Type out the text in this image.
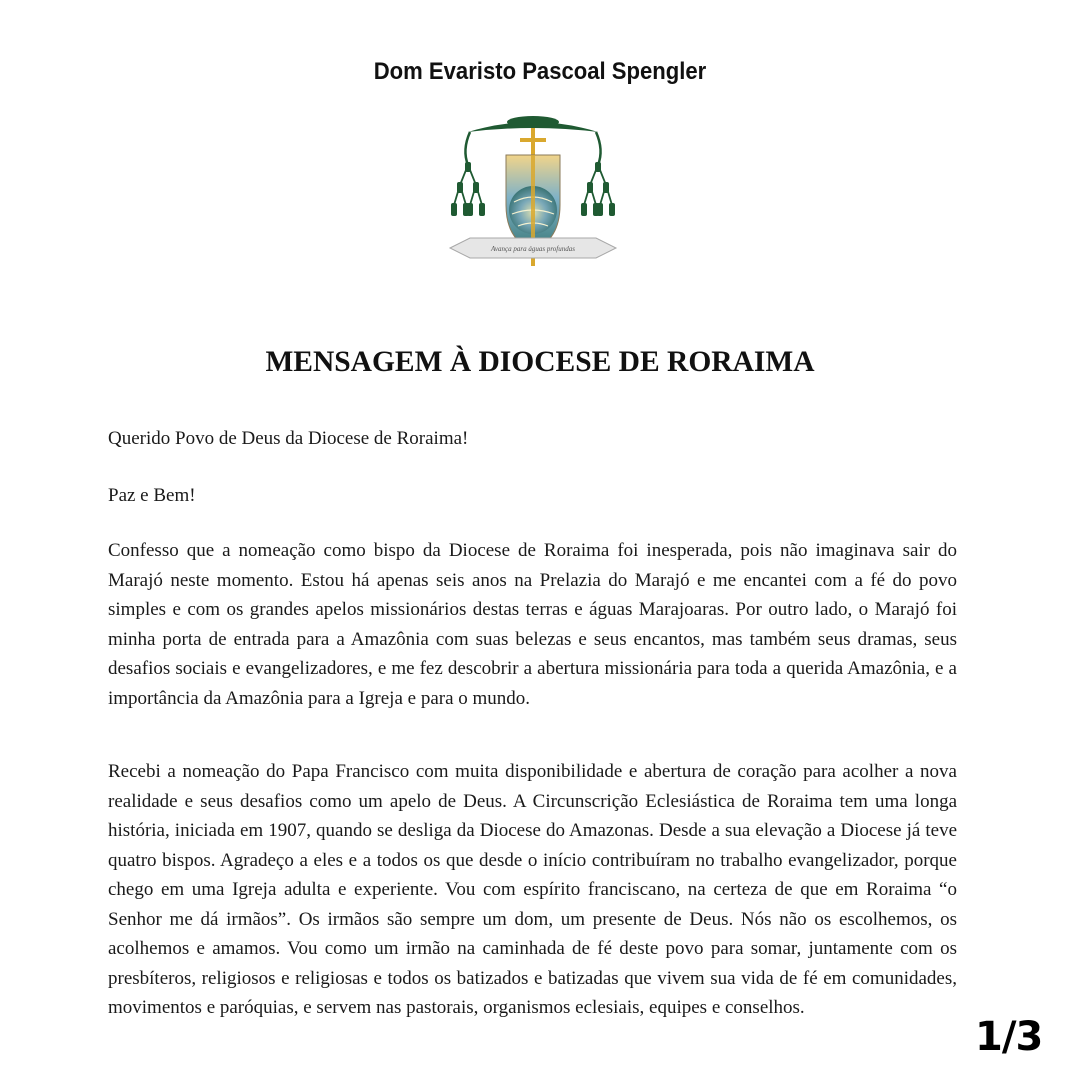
Dom Evaristo Pascoal Spengler
Avança para águas profundas
MENSAGEM À DIOCESE DE RORAIMA
Querido Povo de Deus da Diocese de Roraima!
Paz e Bem!
Confesso que a nomeação como bispo da Diocese de Roraima foi inesperada, pois não imaginava sair do Marajó neste momento. Estou há apenas seis anos na Prelazia do Marajó e me encantei com a fé do povo simples e com os grandes apelos missionários destas terras e águas Marajoaras. Por outro lado, o Marajó foi minha porta de entrada para a Amazônia com suas belezas e seus encantos, mas também seus dramas, seus desafios sociais e evangelizadores, e me fez descobrir a abertura missionária para toda a querida Amazônia, e a importância da Amazônia para a Igreja e para o mundo.
Recebi a nomeação do Papa Francisco com muita disponibilidade e abertura de coração para acolher a nova realidade e seus desafios como um apelo de Deus. A Circunscrição Eclesiástica de Roraima tem uma longa história, iniciada em 1907, quando se desliga da Diocese do Amazonas. Desde a sua elevação a Diocese já teve quatro bispos. Agradeço a eles e a todos os que desde o início contribuíram no trabalho evangelizador, porque chego em uma Igreja adulta e experiente. Vou com espírito franciscano, na certeza de que em Roraima “o Senhor me dá irmãos”. Os irmãos são sempre um dom, um presente de Deus. Nós não os escolhemos, os acolhemos e amamos. Vou como um irmão na caminhada de fé deste povo para somar, juntamente com os presbíteros, religiosos e religiosas e todos os batizados e batizadas que vivem sua vida de fé em comunidades, movimentos e paróquias, e servem nas pastorais, organismos eclesiais, equipes e conselhos.
1/3
